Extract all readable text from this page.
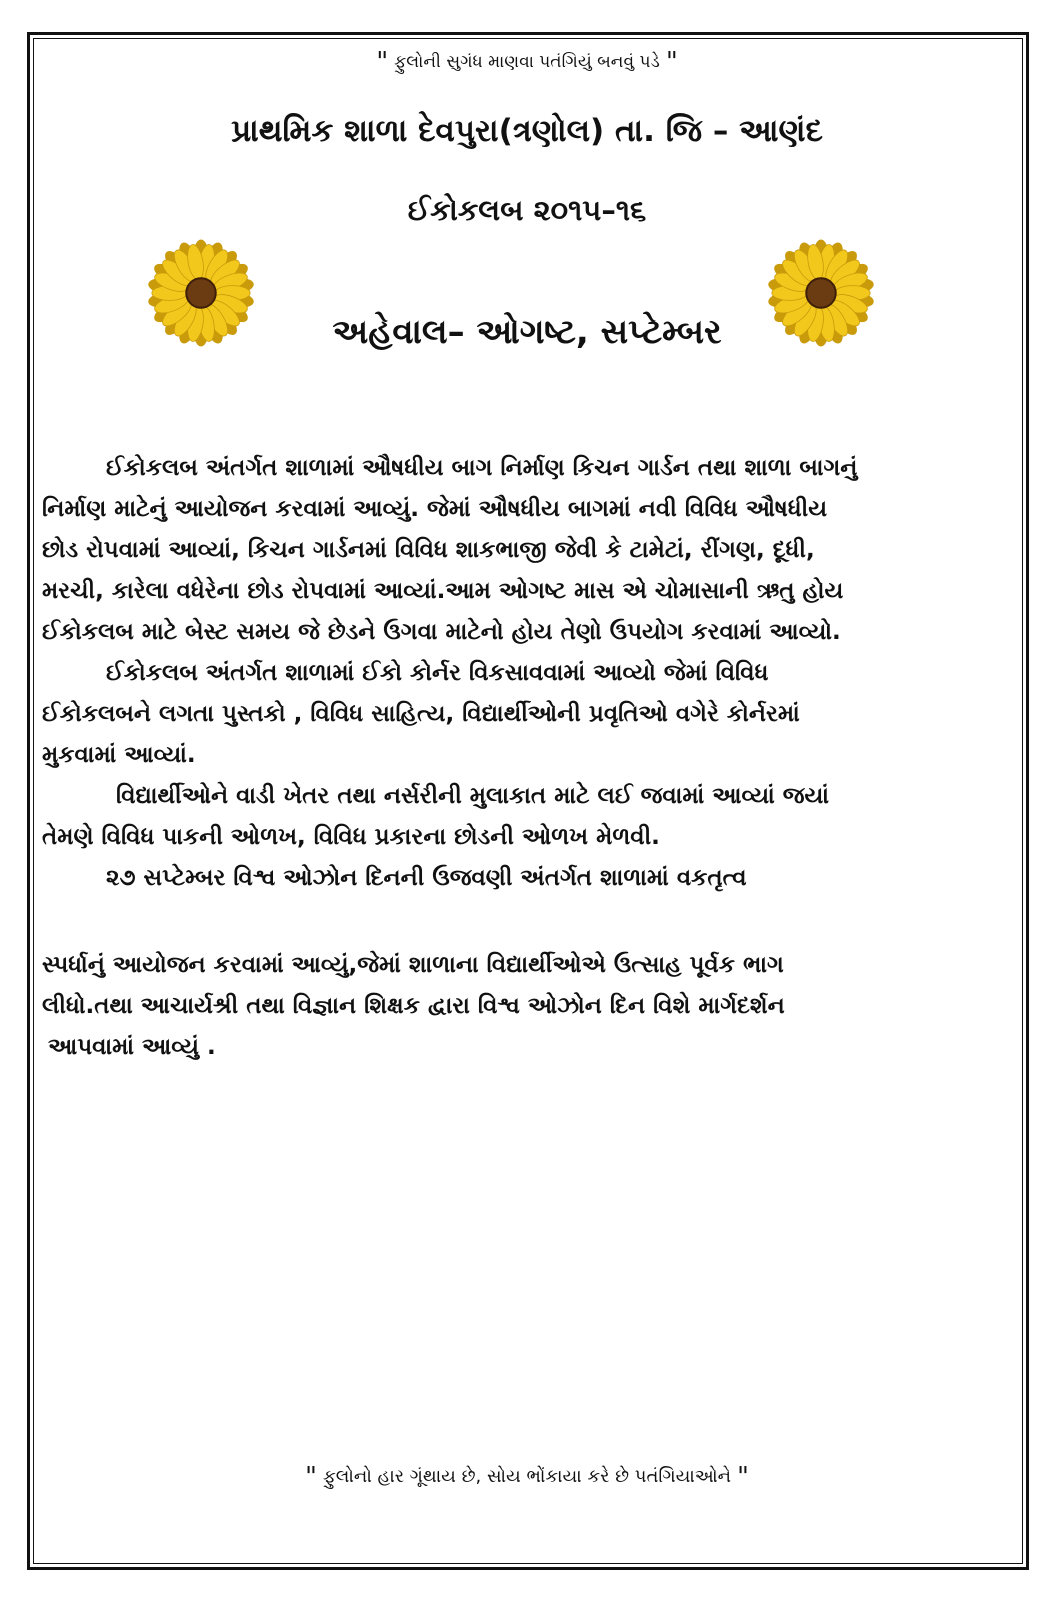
" ફુલોની સુગંધ માણવા પતંગિયું બનવું પડે "
પ્રાથમિક શાળા દેવપુરા(ત્રણોલ) તા. જિ – આણંદ
ઈકોકલબ ૨૦૧૫–૧૬
અહેવાલ– ઓગષ્ટ, સપ્ટેમ્બર
ઈકોકલબ અંતર્ગત શાળામાં ઔષધીય બાગ નિર્માણ કિચન ગાર્ડન તથા શાળા બાગનું
નિર્માણ માટેનું આયોજન કરવામાં આવ્યું. જેમાં ઔષધીય બાગમાં નવી વિવિધ ઔષધીય
છોડ રોપવામાં આવ્યાં, કિચન ગાર્ડનમાં વિવિધ શાકભાજી જેવી કે ટામેટાં, રીંગણ, દૂધી,
મરચી, કારેલા વધેરેના છોડ રોપવામાં આવ્યાં.આમ ઓગષ્ટ માસ એ ચોમાસાની ઋતુ હોય
ઈકોકલબ માટે બેસ્ટ સમય જે છેડને ઉગવા માટેનો હોય તેણો ઉપયોગ કરવામાં આવ્યો.
ઈકોકલબ અંતર્ગત શાળામાં ઈકો કોર્નર વિકસાવવામાં આવ્યો જેમાં વિવિધ
ઈકોકલબને લગતા પુસ્તકો , વિવિધ સાહિત્ય, વિદ્યાર્થીઓની પ્રવૃતિઓ વગેરે કોર્નરમાં
મુકવામાં આવ્યાં.
વિદ્યાર્થીઓને વાડી ખેતર તથા નર્સરીની મુલાકાત માટે લઈ જવામાં આવ્યાં જયાં
તેમણે વિવિધ પાકની ઓળખ, વિવિધ પ્રકારના છોડની ઓળખ મેળવી.
૨૭ સપ્ટેમ્બર વિશ્વ ઓઝોન દિનની ઉજવણી અંતર્ગત શાળામાં વકતૃત્વ
સ્પર્ધાનું આયોજન કરવામાં આવ્યું,જેમાં શાળાના વિદ્યાર્થીઓએ ઉત્સાહ પૂર્વક ભાગ
લીધો.તથા આચાર્યશ્રી તથા વિજ્ઞાન શિક્ષક દ્વારા વિશ્વ ઓઝોન દિન વિશે માર્ગદર્શન
આપવામાં આવ્યું .
" ફુલોનો હાર ગૂંથાય છે, સોય ભોંકાયા કરે છે પતંગિયાઓને "
